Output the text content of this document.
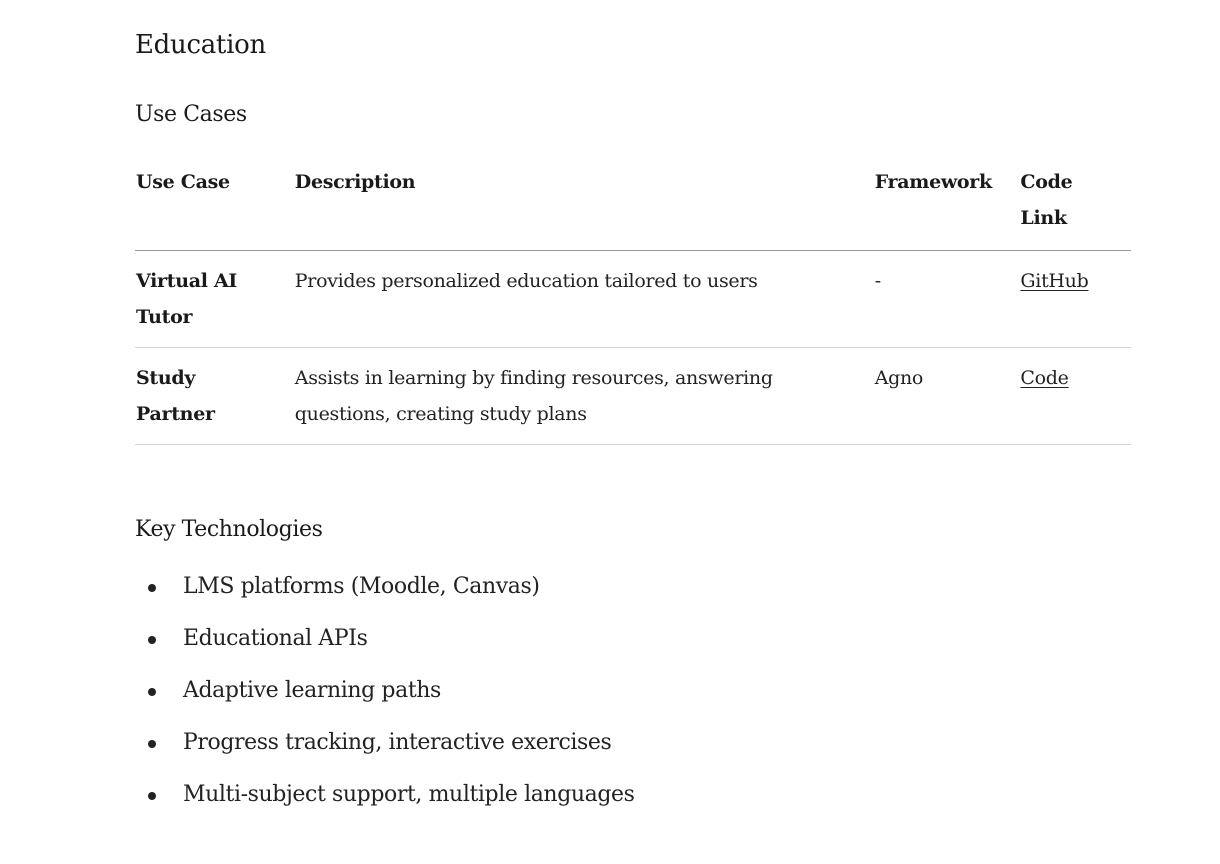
Education
Use Cases
Use Case	Description	Framework	Code Link
Virtual AI Tutor	Provides personalized education tailored to users	-	GitHub
Study Partner	Assists in learning by finding resources, answering questions, creating study plans	Agno	Code
Key Technologies
LMS platforms (Moodle, Canvas)
Educational APIs
Adaptive learning paths
Progress tracking, interactive exercises
Multi-subject support, multiple languages
